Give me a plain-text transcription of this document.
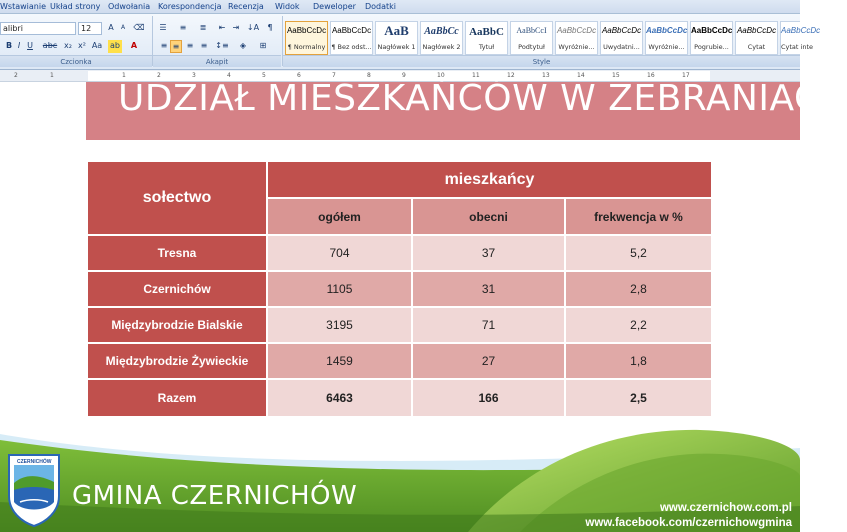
Wstawianie Układ strony Odwołania Korespondencja Recenzja Widok Deweloper Dodatki
alibri	12	A	A	⌫
B I U	abc x₂ x² Aa ab	A
Czcionka
☰	≡	≣	⇤ ⇥ ↓A	¶
≡ ≡ ≡ ≡ ↕≡	◈	⊞
Akapit
AaBbCcDc
¶ Normalny
AaBbCcDc
¶ Bez odst...
AaB
Nagłówek 1
AaBbCc
Nagłówek 2
AaBbC
Tytuł
AaBbCcI
Podtytuł
AaBbCcDc
Wyróżnie...
AaBbCcDc
Uwydatni...
AaBbCcDc
Wyróżnie...
AaBbCcDc
Pogrubie...
AaBbCcDc
Cytat
AaBbCcDc
Cytat inte
Style
2	1	1	2	3	4	5	6	7	8	9	10	11	12	13	14	15	16	17
UDZIAŁ MIESZKAŃCÓW W ZEBRANIACH
sołectwo
mieszkańcy
ogółem	obecni	frekwencja w %
Tresna	704	37	5,2
Czernichów	1105	31	2,8
Międzybrodzie Bialskie	3195	71	2,2
Międzybrodzie Żywieckie	1459	27	1,8
Razem	6463	166	2,5
CZERNICHÓW
GMINA CZERNICHÓW	www.czernichow.com.pl
www.facebook.com/czernichowgmina
